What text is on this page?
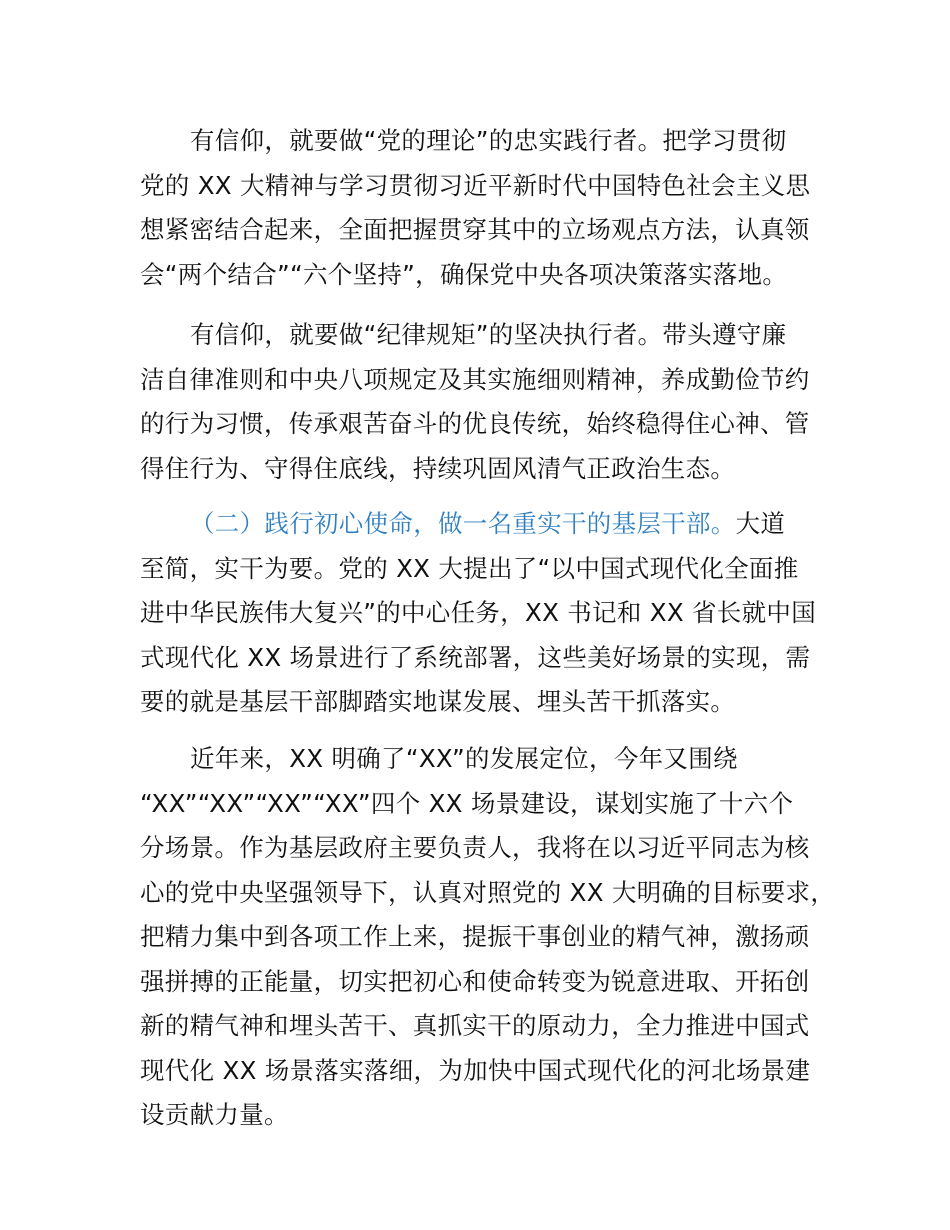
有信仰，就要做“党的理论”的忠实践行者。把学习贯彻
党的 XX 大精神与学习贯彻习近平新时代中国特色社会主义思
想紧密结合起来，全面把握贯穿其中的立场观点方法，认真领
会“两个结合”“六个坚持”，确保党中央各项决策落实落地。

有信仰，就要做“纪律规矩”的坚决执行者。带头遵守廉
洁自律准则和中央八项规定及其实施细则精神，养成勤俭节约
的行为习惯，传承艰苦奋斗的优良传统，始终稳得住心神、管
得住行为、守得住底线，持续巩固风清气正政治生态。

（二）践行初心使命，做一名重实干的基层干部。大道
至简，实干为要。党的 XX 大提出了“以中国式现代化全面推
进中华民族伟大复兴”的中心任务，XX 书记和 XX 省长就中国
式现代化 XX 场景进行了系统部署，这些美好场景的实现，需
要的就是基层干部脚踏实地谋发展、埋头苦干抓落实。

近年来，XX 明确了“XX”的发展定位，今年又围绕
“XX”“XX”“XX”“XX”四个 XX 场景建设，谋划实施了十六个
分场景。作为基层政府主要负责人，我将在以习近平同志为核
心的党中央坚强领导下，认真对照党的 XX 大明确的目标要求，
把精力集中到各项工作上来，提振干事创业的精气神，激扬顽
强拼搏的正能量，切实把初心和使命转变为锐意进取、开拓创
新的精气神和埋头苦干、真抓实干的原动力，全力推进中国式
现代化 XX 场景落实落细，为加快中国式现代化的河北场景建
设贡献力量。
